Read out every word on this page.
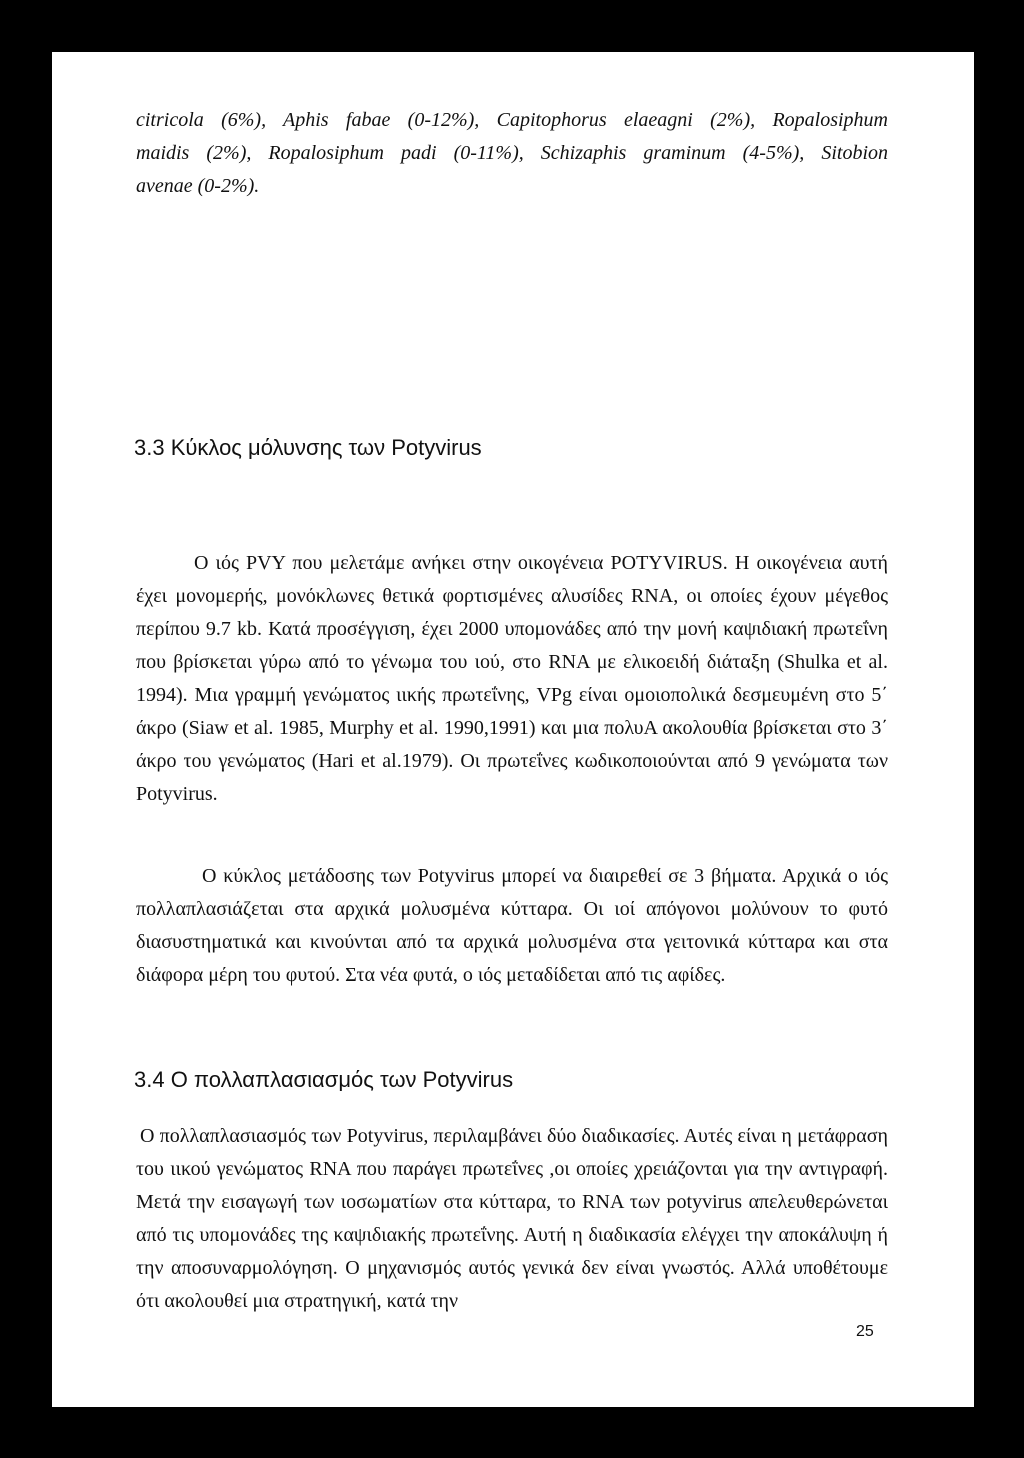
citricola (6%), Aphis fabae (0-12%), Capitophorus elaeagni (2%), Ropalosiphum

maidis (2%), Ropalosiphum padi (0-11%), Schizaphis graminum (4-5%), Sitobion

avenae (0-2%).

3.3 Κύκλος μόλυνσης των Potyvirus

Ο ιός PVY που μελετάμε ανήκει στην οικογένεια POTYVIRUS. Η οικογένεια αυτή έχει μονομερής, μονόκλωνες θετικά φορτισμένες αλυσίδες RNA, οι οποίες έχουν μέγεθος περίπου 9.7 kb. Κατά προσέγγιση, έχει 2000 υπομονάδες από την μονή καψιδιακή πρωτεΐνη που βρίσκεται γύρω από το γένωμα του ιού, στο RNA με ελικοειδή διάταξη (Shulka et al. 1994). Μια γραμμή γενώματος ιικής πρωτεΐνης, VPg είναι ομοιοπολικά δεσμευμένη στο 5΄ άκρο (Siaw et al. 1985, Murphy et al. 1990,1991) και μια πολυΑ ακολουθία βρίσκεται στο 3΄ άκρο του γενώματος (Hari et al.1979). Οι πρωτεΐνες κωδικοποιούνται από 9 γενώματα των Potyvirus.

Ο κύκλος μετάδοσης των Potyvirus μπορεί να διαιρεθεί σε 3 βήματα. Αρχικά ο ιός πολλαπλασιάζεται στα αρχικά μολυσμένα κύτταρα. Οι ιοί απόγονοι μολύνουν το φυτό διασυστηματικά και κινούνται από τα αρχικά μολυσμένα στα γειτονικά κύτταρα και στα διάφορα μέρη του φυτού. Στα νέα φυτά, ο ιός μεταδίδεται από τις αφίδες.

3.4 Ο πολλαπλασιασμός των Potyvirus

Ο πολλαπλασιασμός των Potyvirus, περιλαμβάνει δύο διαδικασίες. Αυτές είναι η μετάφραση του ιικού γενώματος RNA που παράγει πρωτεΐνες ,οι οποίες χρειάζονται για την αντιγραφή. Μετά την εισαγωγή των ιοσωματίων στα κύτταρα, το RNA των potyvirus απελευθερώνεται από τις υπομονάδες της καψιδιακής πρωτεΐνης. Αυτή η διαδικασία ελέγχει την αποκάλυψη ή την αποσυναρμολόγηση. Ο μηχανισμός αυτός γενικά δεν είναι γνωστός. Αλλά υποθέτουμε ότι ακολουθεί μια στρατηγική, κατά την

25
